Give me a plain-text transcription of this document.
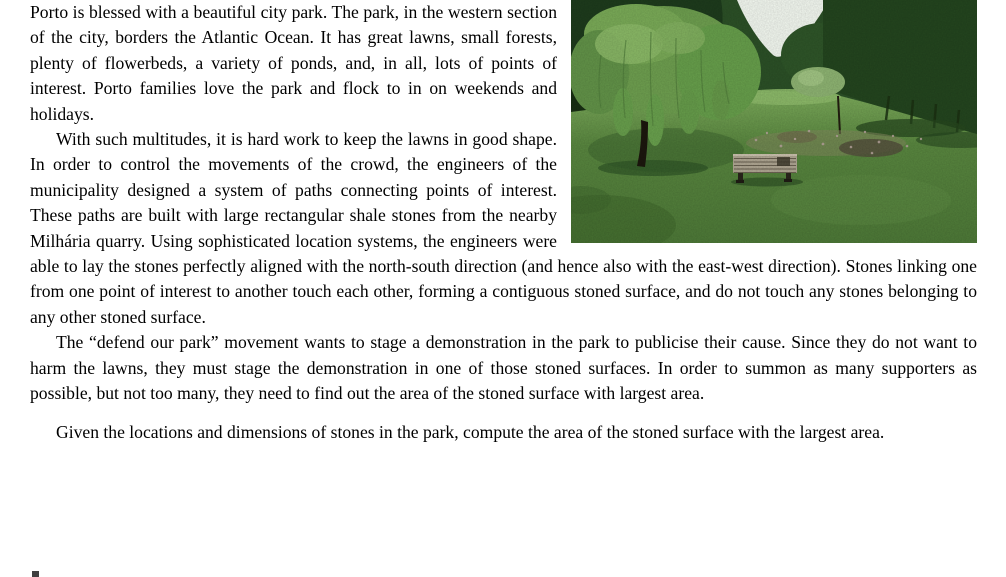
Porto is blessed with a beautiful city park. The park, in the western section of the city, borders the Atlantic Ocean. It has great lawns, small forests, plenty of flowerbeds, a variety of ponds, and, in all, lots of points of interest. Porto families love the park and flock to in on weekends and holidays.

With such multitudes, it is hard work to keep the lawns in good shape. In order to control the movements of the crowd, the engineers of the municipality designed a system of paths connecting points of interest. These paths are built with large rectangular shale stones from the nearby Milhária quarry. Using sophisticated location systems, the engineers were able to lay the stones perfectly aligned with the north-south direction (and hence also with the east-west direction). Stones linking one from one point of interest to another touch each other, forming a contiguous stoned surface, and do not touch any stones belonging to any other stoned surface.

The “defend our park” movement wants to stage a demonstration in the park to publicise their cause. Since they do not want to harm the lawns, they must stage the demonstration in one of those stoned surfaces. In order to summon as many supporters as possible, but not too many, they need to find out the area of the stoned surface with largest area.

Given the locations and dimensions of stones in the park, compute the area of the stoned surface with the largest area.
